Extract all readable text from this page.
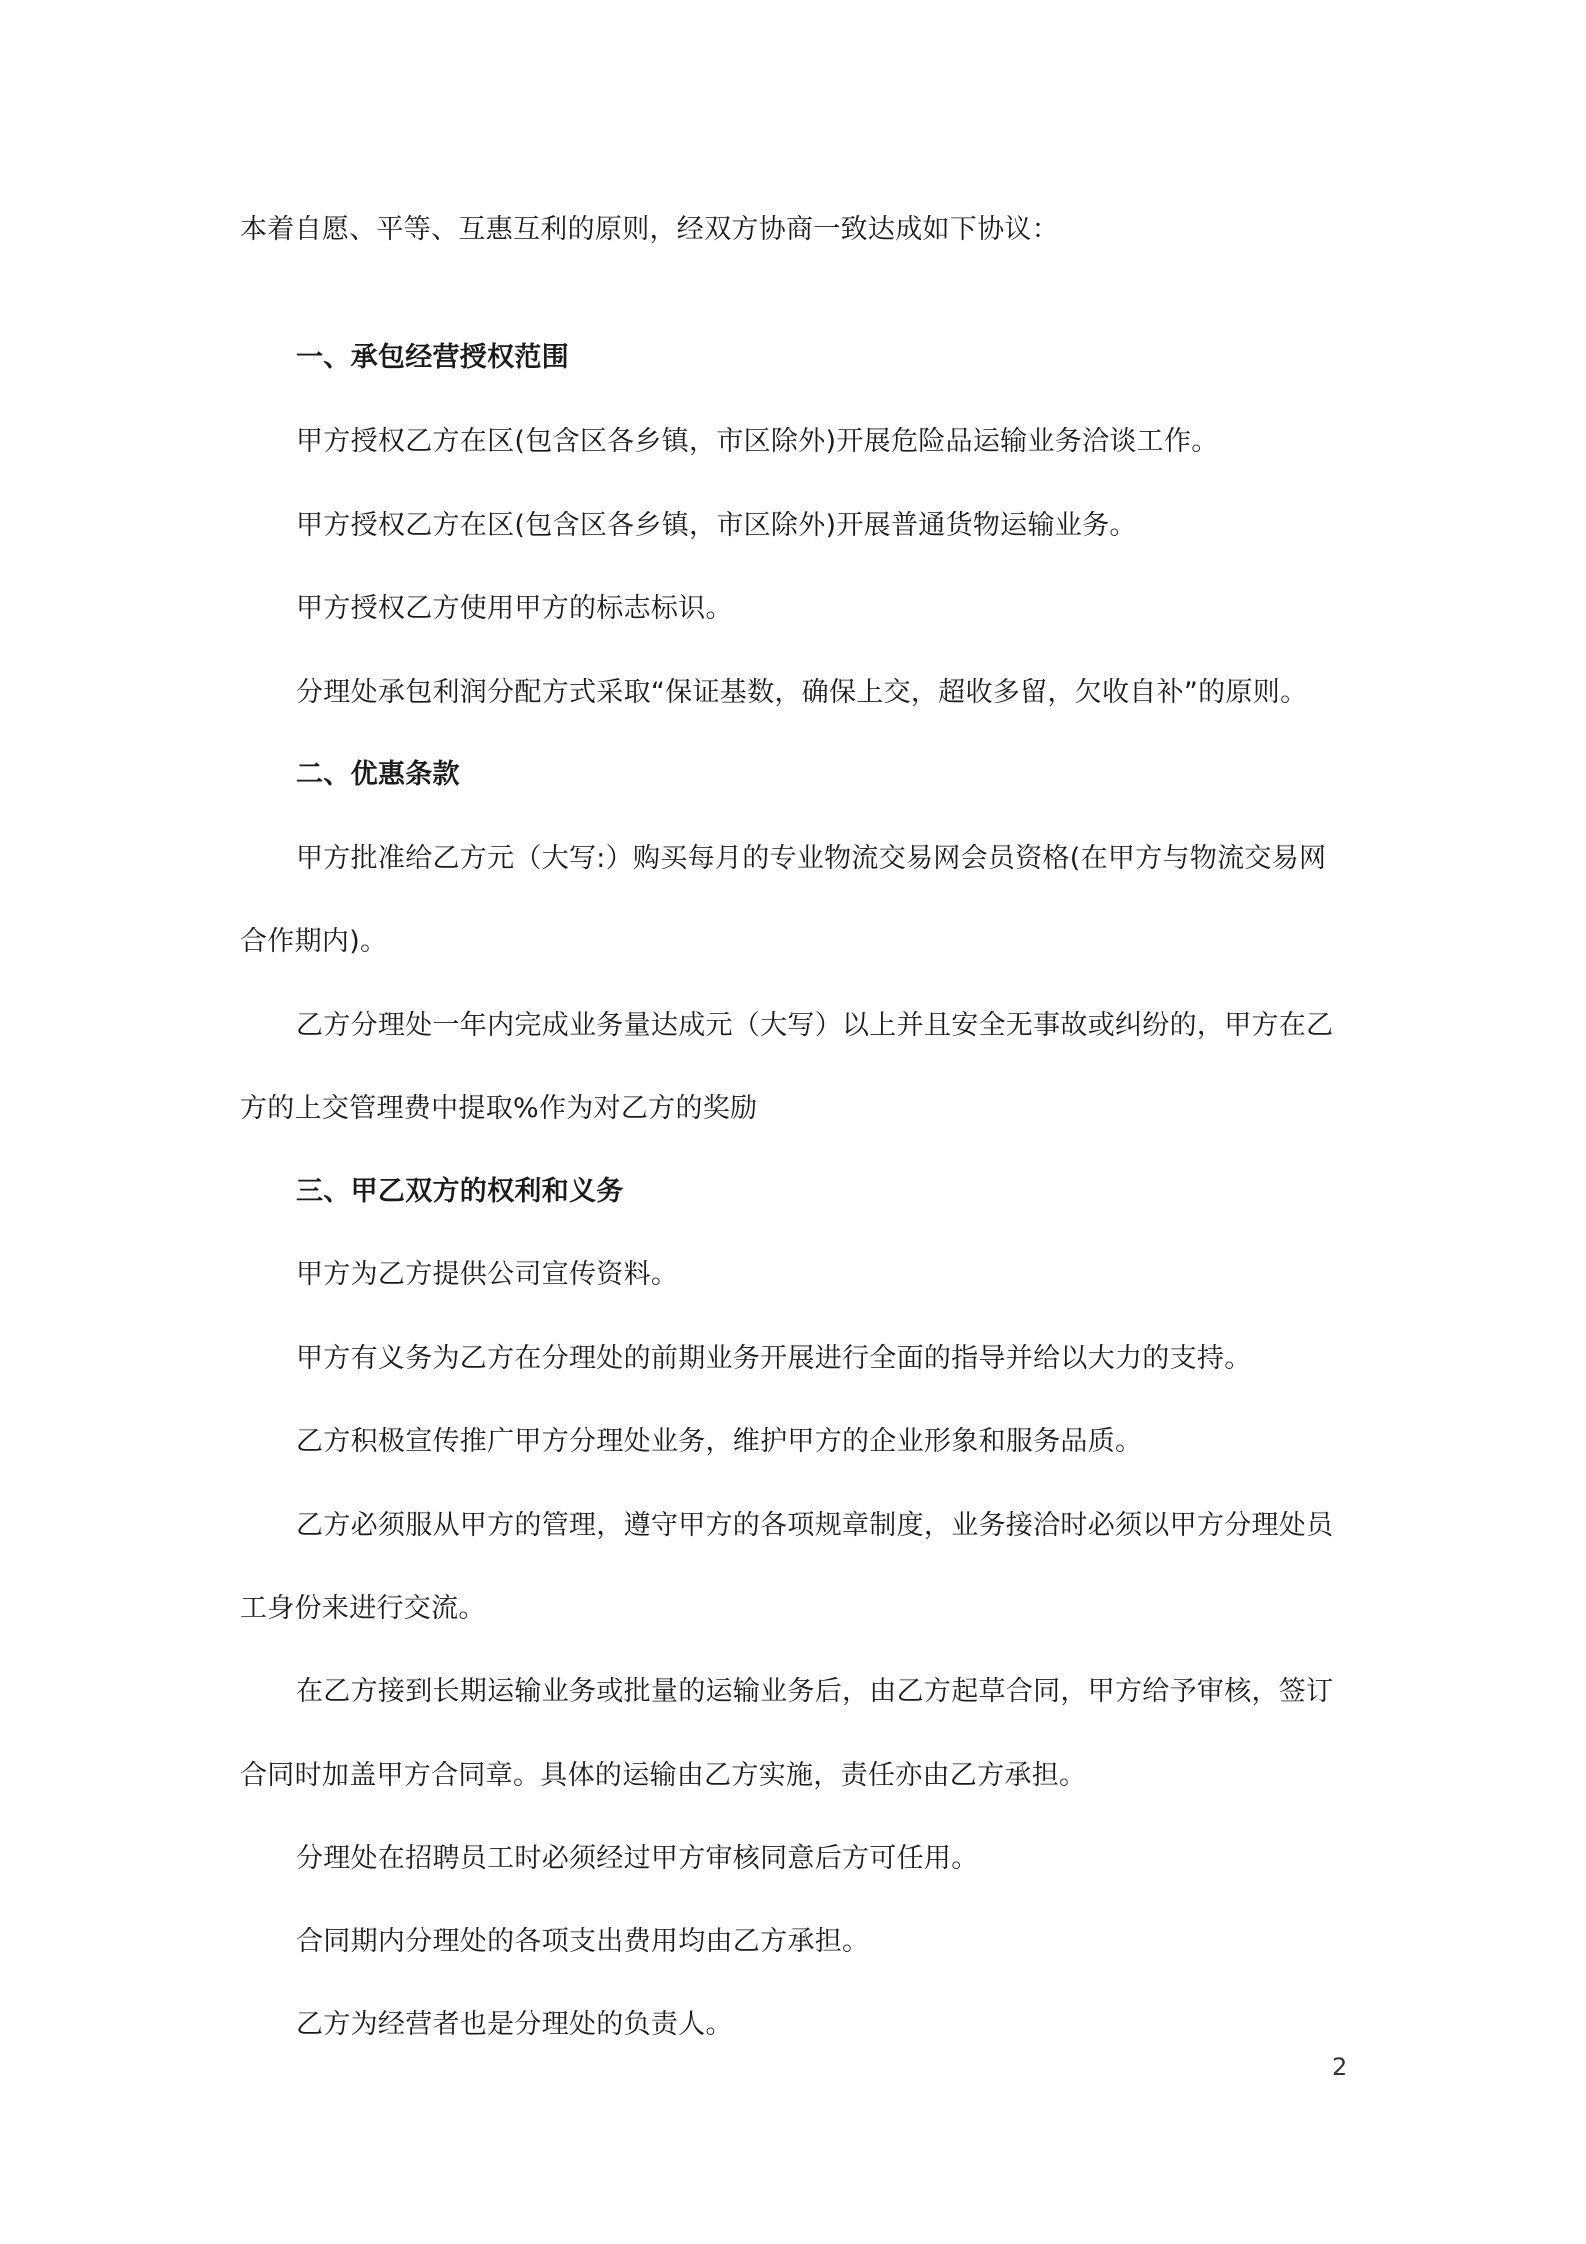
本着自愿、平等、互惠互利的原则，经双方协商一致达成如下协议：

一、承包经营授权范围

甲方授权乙方在区(包含区各乡镇，市区除外)开展危险品运输业务洽谈工作。

甲方授权乙方在区(包含区各乡镇，市区除外)开展普通货物运输业务。

甲方授权乙方使用甲方的标志标识。

分理处承包利润分配方式采取“保证基数，确保上交，超收多留，欠收自补”的原则。

二、优惠条款

甲方批准给乙方元（大写:）购买每月的专业物流交易网会员资格(在甲方与物流交易网

合作期内)。

乙方分理处一年内完成业务量达成元（大写）以上并且安全无事故或纠纷的，甲方在乙

方的上交管理费中提取%作为对乙方的奖励

三、甲乙双方的权利和义务

甲方为乙方提供公司宣传资料。

甲方有义务为乙方在分理处的前期业务开展进行全面的指导并给以大力的支持。

乙方积极宣传推广甲方分理处业务，维护甲方的企业形象和服务品质。

乙方必须服从甲方的管理，遵守甲方的各项规章制度，业务接洽时必须以甲方分理处员

工身份来进行交流。

在乙方接到长期运输业务或批量的运输业务后，由乙方起草合同，甲方给予审核，签订

合同时加盖甲方合同章。具体的运输由乙方实施，责任亦由乙方承担。

分理处在招聘员工时必须经过甲方审核同意后方可任用。

合同期内分理处的各项支出费用均由乙方承担。

乙方为经营者也是分理处的负责人。

2
